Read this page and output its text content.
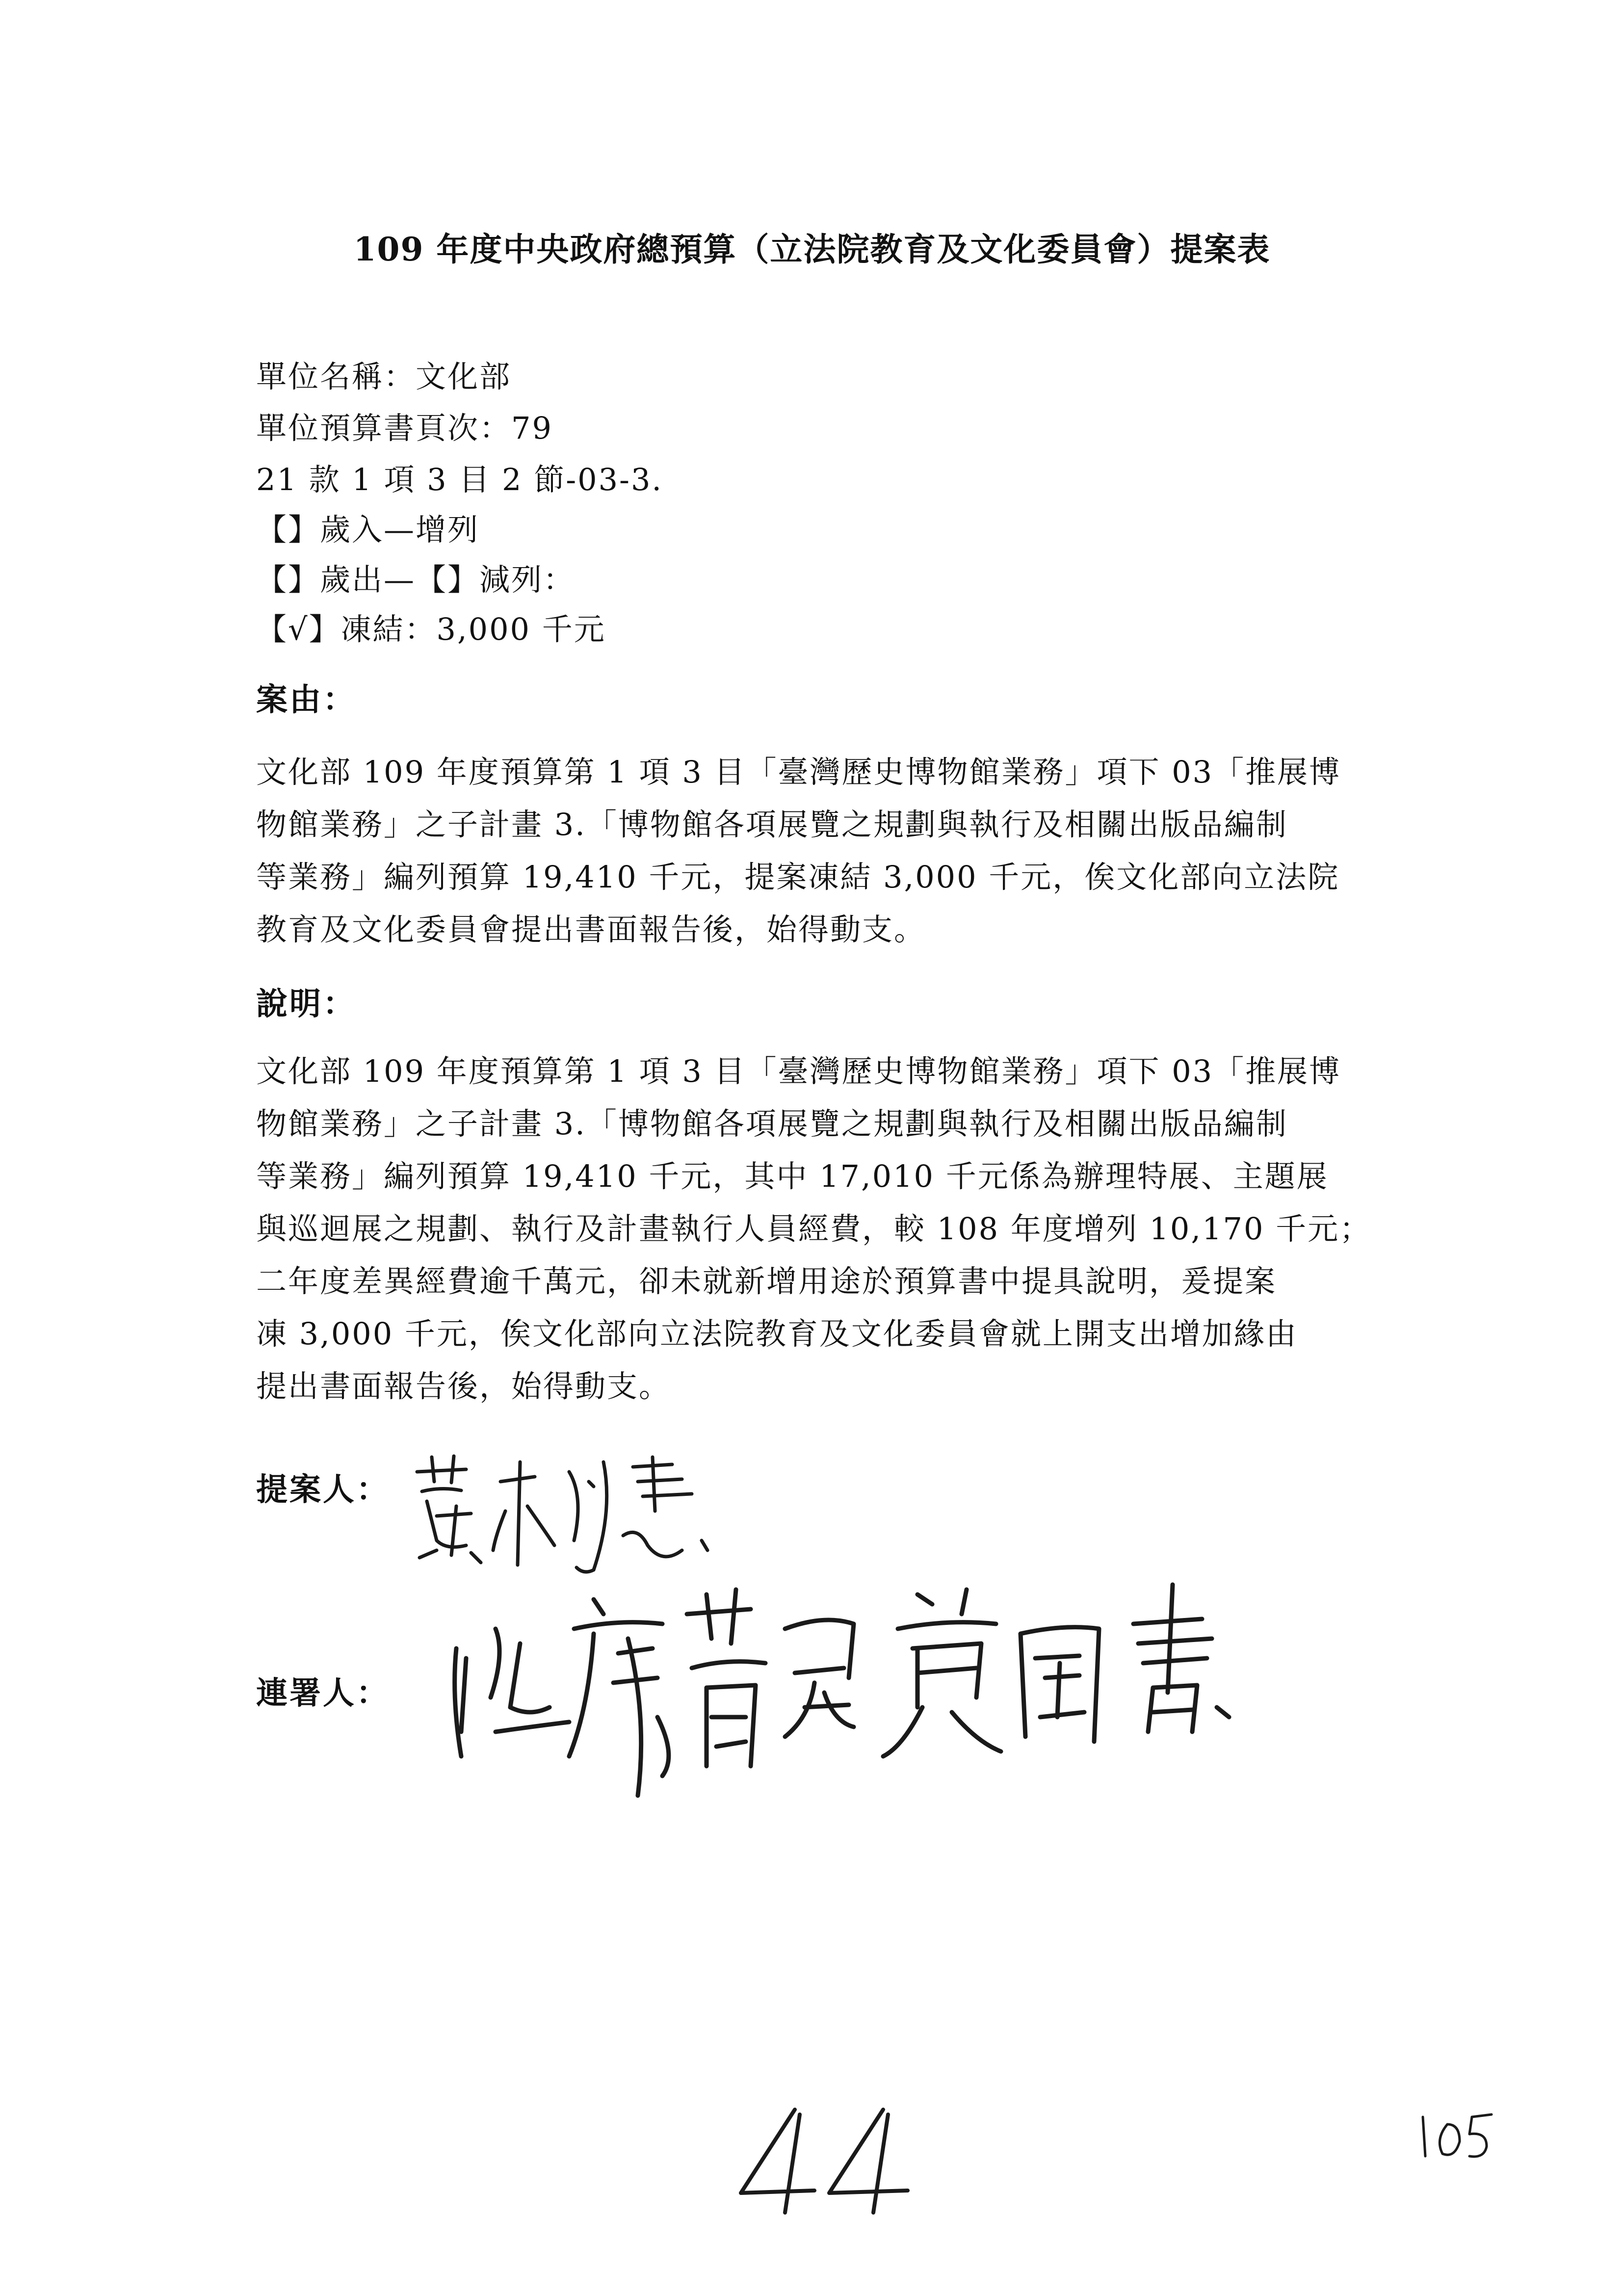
109 年度中央政府總預算（立法院教育及文化委員會）提案表
單位名稱：文化部
單位預算書頁次：79
21 款 1 項 3 目 2 節-03-3.
【】歲入—增列
【】歲出—【】減列：
【√】凍結：3,000 千元
案由：
文化部 109 年度預算第 1 項 3 目「臺灣歷史博物館業務」項下 03「推展博
物館業務」之子計畫 3.「博物館各項展覽之規劃與執行及相關出版品編制
等業務」編列預算 19,410 千元，提案凍結 3,000 千元，俟文化部向立法院
教育及文化委員會提出書面報告後，始得動支。
說明：
文化部 109 年度預算第 1 項 3 目「臺灣歷史博物館業務」項下 03「推展博
物館業務」之子計畫 3.「博物館各項展覽之規劃與執行及相關出版品編制
等業務」編列預算 19,410 千元，其中 17,010 千元係為辦理特展、主題展
與巡迴展之規劃、執行及計畫執行人員經費，較 108 年度增列 10,170 千元；
二年度差異經費逾千萬元，卻未就新增用途於預算書中提具說明，爰提案
凍 3,000 千元，俟文化部向立法院教育及文化委員會就上開支出增加緣由
提出書面報告後，始得動支。
提案人：
連署人：
